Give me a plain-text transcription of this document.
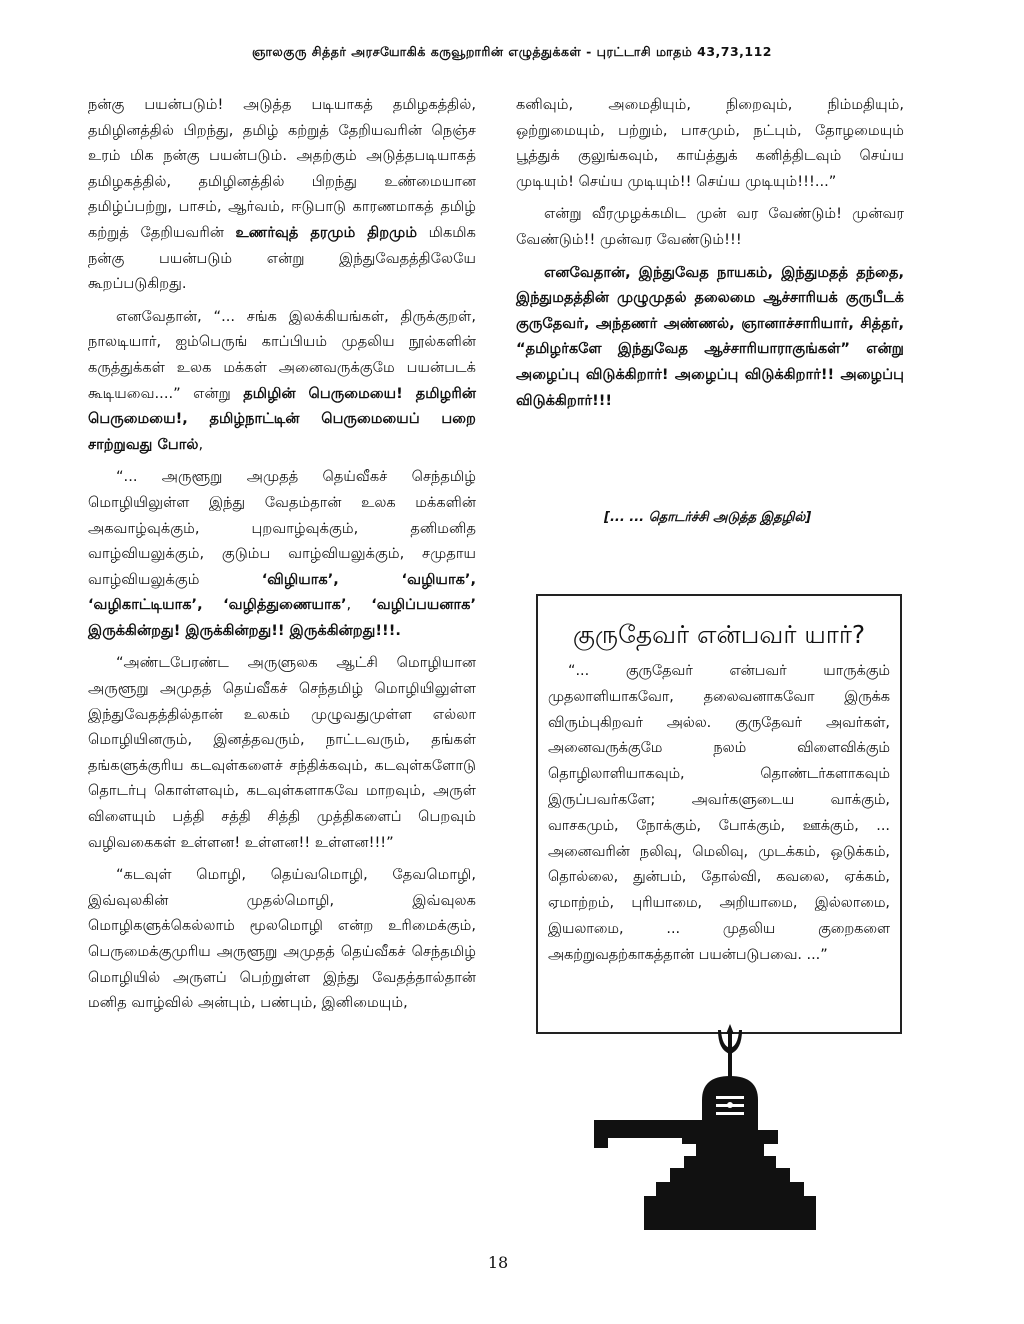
ஞாலகுரு சித்தர் அரசயோகிக் கருவூறாரின் எழுத்துக்கள் - புரட்டாசி மாதம் 43,73,112

நன்கு பயன்படும்! அடுத்த படியாகத் தமிழகத்தில், தமிழினத்தில் பிறந்து, தமிழ் கற்றுத் தேறியவரின் நெஞ்ச உரம் மிக நன்கு பயன்படும். அதற்கும் அடுத்தபடியாகத் தமிழகத்தில், தமிழினத்தில் பிறந்து உண்மையான தமிழ்ப்பற்று, பாசம், ஆர்வம், ஈடுபாடு காரணமாகத் தமிழ் கற்றுத் தேறியவரின் உணர்வுத் தரமும் திறமும் மிகமிக நன்கு பயன்படும் என்று இந்துவேதத்திலேயே கூறப்படுகிறது.

எனவேதான், “... சங்க இலக்கியங்கள், திருக்குறள், நாலடியார், ஐம்பெருங் காப்பியம் முதலிய நூல்களின் கருத்துக்கள் உலக மக்கள் அனைவருக்குமே பயன்படக் கூடியவை....” என்று தமிழின் பெருமையை! தமிழரின் பெருமையை!, தமிழ்நாட்டின் பெருமையைப் பறை சாற்றுவது போல்,

“... அருளூறு அமுதத் தெய்வீகச் செந்தமிழ் மொழியிலுள்ள இந்து வேதம்தான் உலக மக்களின் அகவாழ்வுக்கும், புறவாழ்வுக்கும், தனிமனித வாழ்வியலுக்கும், குடும்ப வாழ்வியலுக்கும், சமுதாய வாழ்வியலுக்கும் ‘விழியாக’, ‘வழியாக’, ‘வழிகாட்டியாக’, ‘வழித்துணையாக’, ‘வழிப்பயனாக’ இருக்கின்றது! இருக்கின்றது!! இருக்கின்றது!!!.

“அண்டபேரண்ட அருளுலக ஆட்சி மொழியான அருளூறு அமுதத் தெய்வீகச் செந்தமிழ் மொழியிலுள்ள இந்துவேதத்தில்தான் உலகம் முழுவதுமுள்ள எல்லா மொழியினரும், இனத்தவரும், நாட்டவரும், தங்கள் தங்களுக்குரிய கடவுள்களைச் சந்திக்கவும், கடவுள்களோடு தொடர்பு கொள்ளவும், கடவுள்களாகவே மாறவும், அருள் விளையும் பத்தி சத்தி சித்தி முத்திகளைப் பெறவும் வழிவகைகள் உள்ளன! உள்ளன!! உள்ளன!!!”

“கடவுள் மொழி, தெய்வமொழி, தேவமொழி, இவ்வுலகின் முதல்மொழி, இவ்வுலக மொழிகளுக்கெல்லாம் மூலமொழி என்ற உரிமைக்கும், பெருமைக்குமுரிய அருளூறு அமுதத் தெய்வீகச் செந்தமிழ் மொழியில் அருளப் பெற்றுள்ள இந்து வேதத்தால்தான் மனித வாழ்வில் அன்பும், பண்பும், இனிமையும்,

கனிவும், அமைதியும், நிறைவும், நிம்மதியும், ஒற்றுமையும், பற்றும், பாசமும், நட்பும், தோழமையும் பூத்துக் குலுங்கவும், காய்த்துக் கனித்திடவும் செய்ய முடியும்! செய்ய முடியும்!! செய்ய முடியும்!!!...”

என்று வீரமுழக்கமிட முன் வர வேண்டும்! முன்வர வேண்டும்!! முன்வர வேண்டும்!!!

எனவேதான், இந்துவேத நாயகம், இந்துமதத் தந்தை, இந்துமதத்தின் முழுமுதல் தலைமை ஆச்சாரியக் குருபீடக் குருதேவர், அந்தணர் அண்ணல், ஞானாச்சாரியார், சித்தர், “தமிழர்களே இந்துவேத ஆச்சாரியாராகுங்கள்” என்று அழைப்பு விடுக்கிறார்! அழைப்பு விடுக்கிறார்!! அழைப்பு விடுக்கிறார்!!!

[... ... தொடர்ச்சி அடுத்த இதழில்]
குருதேவர் என்பவர் யார்?

“... குருதேவர் என்பவர் யாருக்கும் முதலாளியாகவோ, தலைவனாகவோ இருக்க விரும்புகிறவர் அல்ல. குருதேவர் அவர்கள், அனைவருக்குமே நலம் விளைவிக்கும் தொழிலாளியாகவும், தொண்டர்களாகவும் இருப்பவர்களே; அவர்களுடைய வாக்கும், வாசகமும், நோக்கும், போக்கும், ஊக்கும், ... அனைவரின் நலிவு, மெலிவு, முடக்கம், ஒடுக்கம், தொல்லை, துன்பம், தோல்வி, கவலை, ஏக்கம், ஏமாற்றம், புரியாமை, அறியாமை, இல்லாமை, இயலாமை, ... முதலிய குறைகளை அகற்றுவதற்காகத்தான் பயன்படுபவை. ...”

18
